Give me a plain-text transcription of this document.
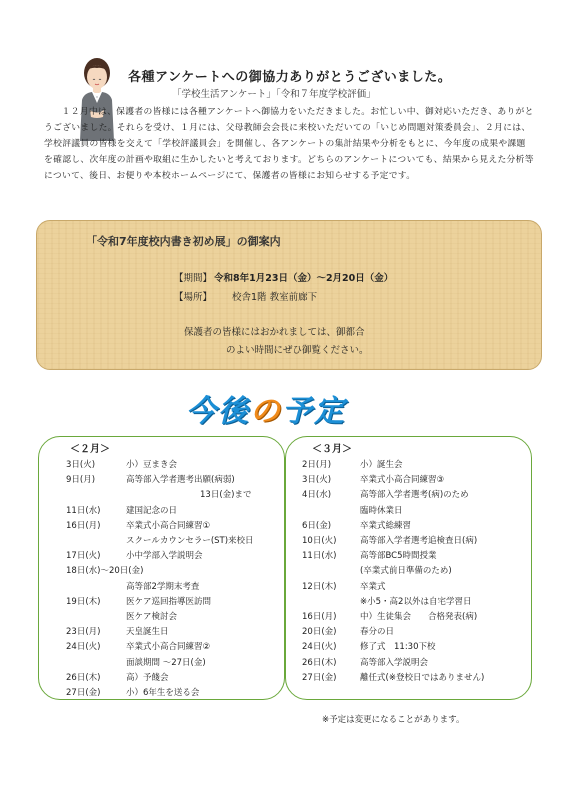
各種アンケートへの御協力ありがとうございました。
「学校生活アンケート」「令和７年度学校評価」
１２月中は、保護者の皆様には各種アンケートへ御協力をいただきました。お忙しい中、御対応いただき、ありがとうございました。それらを受け、１月には、父母教師会会長に来校いただいての「いじめ問題対策委員会」、２月には、学校評議員の皆様を交えて「学校評議員会」を開催し、各アンケートの集計結果や分析をもとに、今年度の成果や課題を確認し、次年度の計画や取組に生かしたいと考えております。どちらのアンケートについても、結果から見えた分析等について、後日、お便りや本校ホームページにて、保護者の皆様にお知らせする予定です。
「令和7年度校内書き初め展」の御案内
【期間】 令和8年1月23日（金）～2月20日（金）
【場所】 校舎1階 教室前廊下
保護者の皆様にはおかれましては、御都合
のよい時間にぜひ御覧ください。
今後の予定
＜２月＞
3日(火)	小）豆まき会
9日(月)	高等部入学者選考出願(病弱)
13日(金)まで
11日(水)	建国記念の日
16日(月)	卒業式小高合同練習①
スクールカウンセラー(ST)来校日
17日(火)	小中学部入学説明会
18日(水)～20日(金)
高等部2学期末考査
19日(木)	医ケア巡回指導医訪問
医ケア検討会
23日(月)	天皇誕生日
24日(火)	卒業式小高合同練習②
面談期間 ～27日(金)
26日(木)	高）予餞会
27日(金)	小）6年生を送る会
＜３月＞
2日(月)	小）誕生会
3日(火)	卒業式小高合同練習③
4日(水)	高等部入学者選考(病)のため
臨時休業日
6日(金)	卒業式総練習
10日(火)	高等部入学者選考追検査日(病)
11日(水)	高等部BC5時間授業
(卒業式前日準備のため)
12日(木)	卒業式
※小5・高2以外は自宅学習日
16日(月)	中）生徒集会　　合格発表(病)
20日(金)	春分の日
24日(火)	修了式　11:30下校
26日(木)	高等部入学説明会
27日(金)	離任式(※登校日ではありません)
※予定は変更になることがあります。
